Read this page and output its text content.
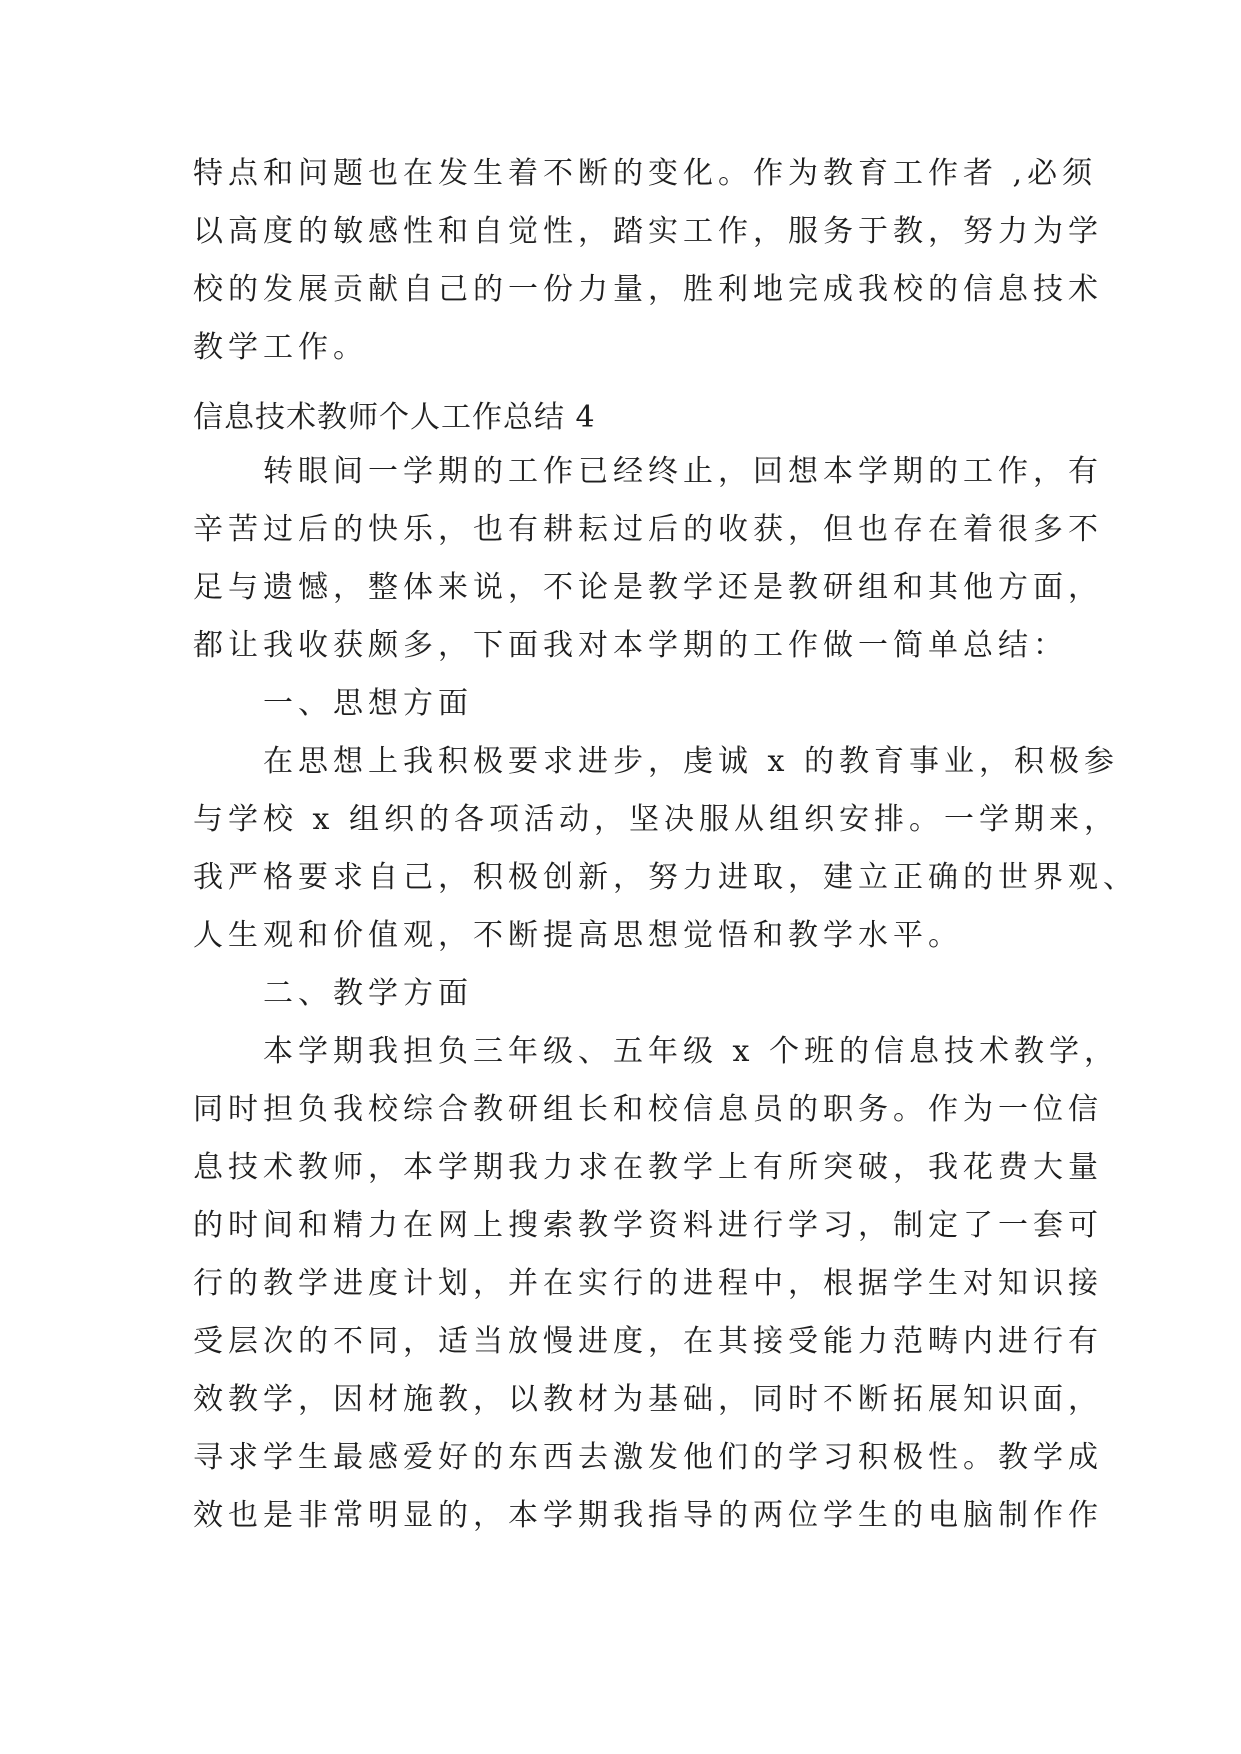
特点和问题也在发生着不断的变化。作为教育工作者 ,必须
以高度的敏感性和自觉性，踏实工作，服务于教，努力为学
校的发展贡献自己的一份力量，胜利地完成我校的信息技术
教学工作。
信息技术教师个人工作总结 4
　　转眼间一学期的工作已经终止，回想本学期的工作，有
辛苦过后的快乐，也有耕耘过后的收获，但也存在着很多不
足与遗憾，整体来说，不论是教学还是教研组和其他方面，
都让我收获颇多，下面我对本学期的工作做一简单总结：
　　一、思想方面
　　在思想上我积极要求进步，虔诚 x 的教育事业，积极参
与学校 x 组织的各项活动，坚决服从组织安排。一学期来，
我严格要求自己，积极创新，努力进取，建立正确的世界观、
人生观和价值观，不断提高思想觉悟和教学水平。
　　二、教学方面
　　本学期我担负三年级、五年级 x 个班的信息技术教学，
同时担负我校综合教研组长和校信息员的职务。作为一位信
息技术教师，本学期我力求在教学上有所突破，我花费大量
的时间和精力在网上搜索教学资料进行学习，制定了一套可
行的教学进度计划，并在实行的进程中，根据学生对知识接
受层次的不同，适当放慢进度，在其接受能力范畴内进行有
效教学，因材施教，以教材为基础，同时不断拓展知识面，
寻求学生最感爱好的东西去激发他们的学习积极性。教学成
效也是非常明显的，本学期我指导的两位学生的电脑制作作
